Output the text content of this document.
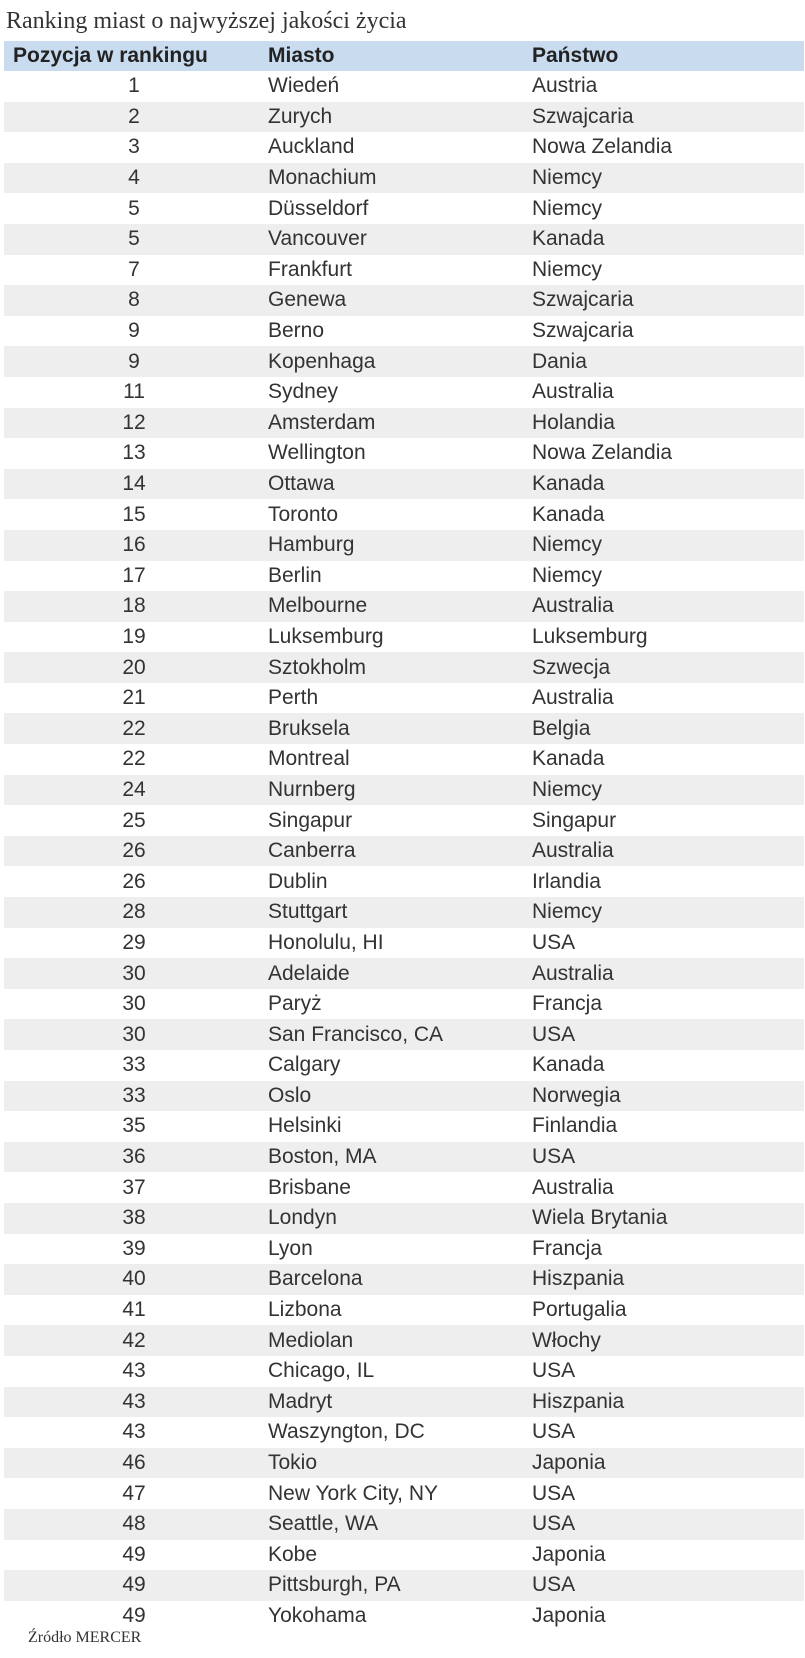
Ranking miast o najwyższej jakości życia
Pozycja w rankingu	Miasto	Państwo
1	Wiedeń	Austria
2	Zurych	Szwajcaria
3	Auckland	Nowa Zelandia
4	Monachium	Niemcy
5	Düsseldorf	Niemcy
5	Vancouver	Kanada
7	Frankfurt	Niemcy
8	Genewa	Szwajcaria
9	Berno	Szwajcaria
9	Kopenhaga	Dania
11	Sydney	Australia
12	Amsterdam	Holandia
13	Wellington	Nowa Zelandia
14	Ottawa	Kanada
15	Toronto	Kanada
16	Hamburg	Niemcy
17	Berlin	Niemcy
18	Melbourne	Australia
19	Luksemburg	Luksemburg
20	Sztokholm	Szwecja
21	Perth	Australia
22	Bruksela	Belgia
22	Montreal	Kanada
24	Nurnberg	Niemcy
25	Singapur	Singapur
26	Canberra	Australia
26	Dublin	Irlandia
28	Stuttgart	Niemcy
29	Honolulu, HI	USA
30	Adelaide	Australia
30	Paryż	Francja
30	San Francisco, CA	USA
33	Calgary	Kanada
33	Oslo	Norwegia
35	Helsinki	Finlandia
36	Boston, MA	USA
37	Brisbane	Australia
38	Londyn	Wiela Brytania
39	Lyon	Francja
40	Barcelona	Hiszpania
41	Lizbona	Portugalia
42	Mediolan	Włochy
43	Chicago, IL	USA
43	Madryt	Hiszpania
43	Waszyngton, DC	USA
46	Tokio	Japonia
47	New York City, NY	USA
48	Seattle, WA	USA
49	Kobe	Japonia
49	Pittsburgh, PA	USA
49	Yokohama	Japonia
Źródło MERCER
